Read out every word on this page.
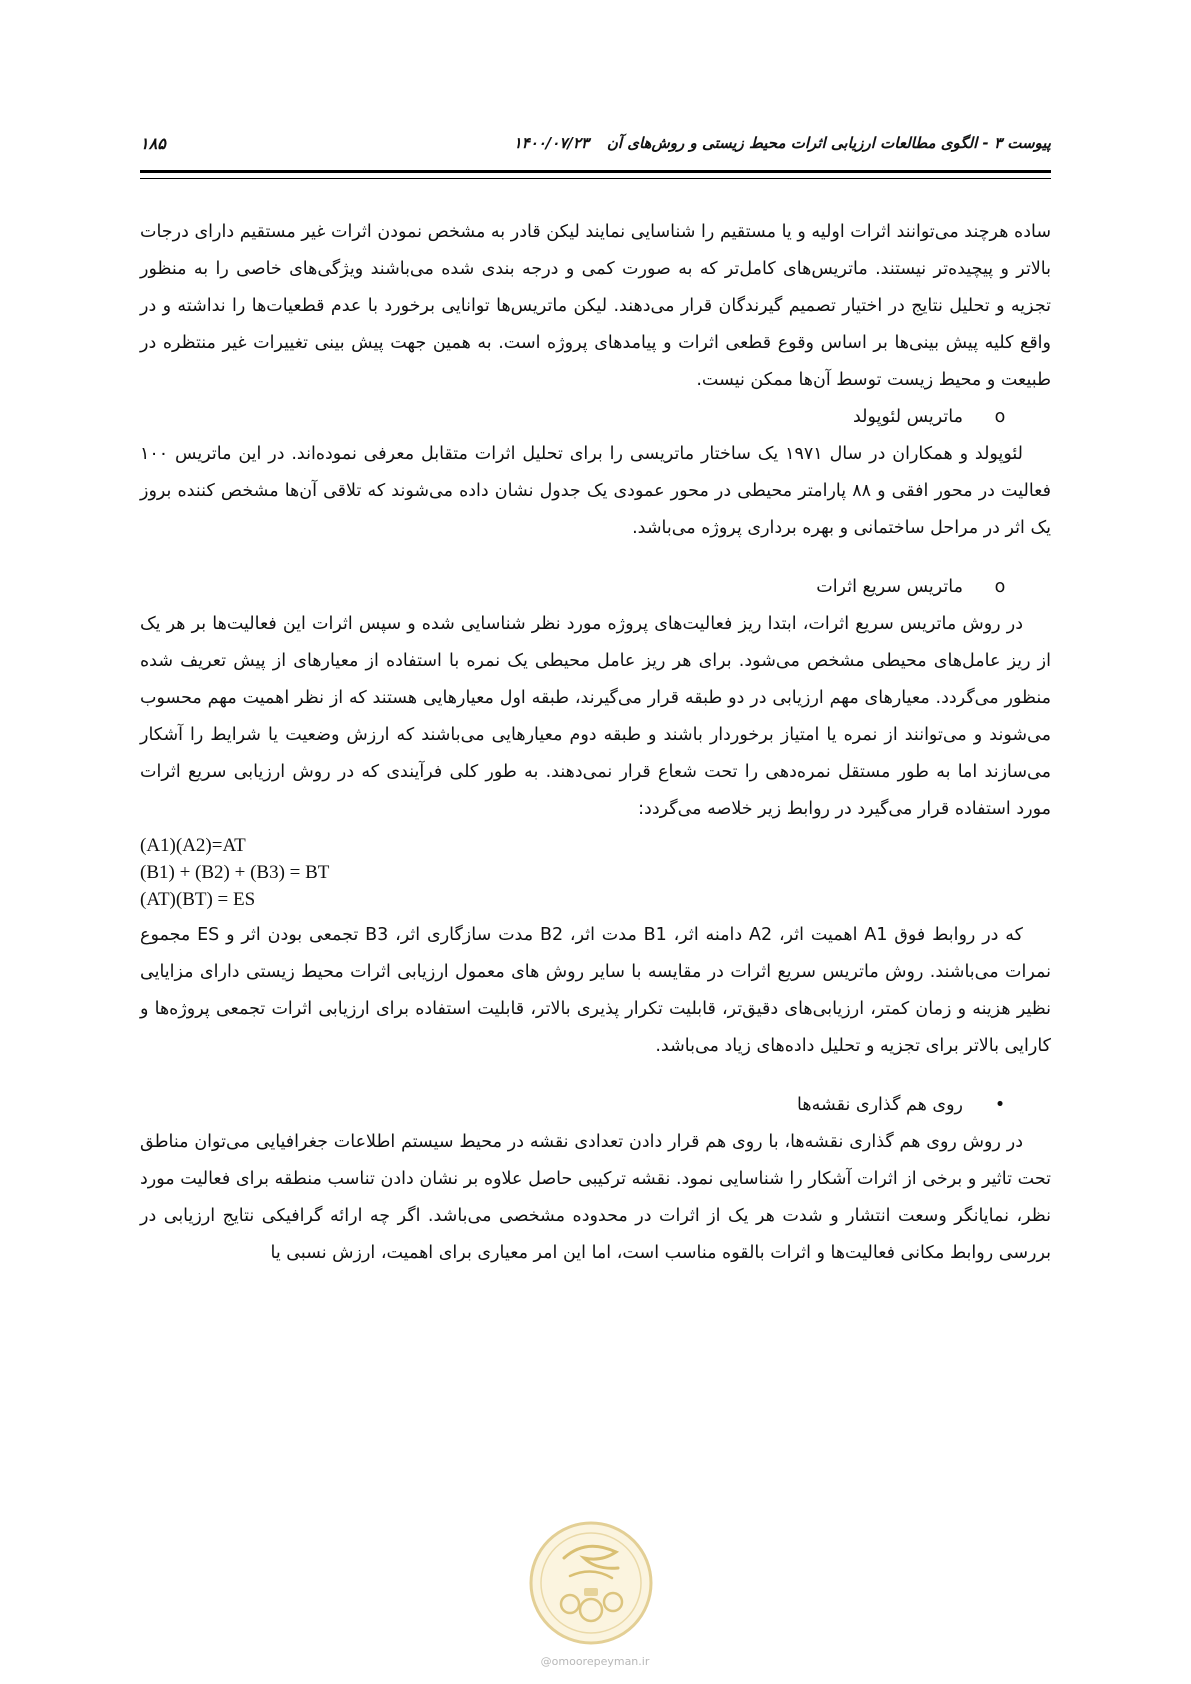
پیوست ۳ - الگوی مطالعات ارزیابی اثرات محیط زیستی و روش‌های آن
۱۴۰۰/۰۷/۲۳
۱۸۵

ساده هرچند می‌توانند اثرات اولیه و یا مستقیم را شناسایی نمایند لیکن قادر به مشخص نمودن اثرات غیر مستقیم دارای درجات بالاتر و پیچیده‌تر نیستند. ماتریس‌های کامل‌تر که به صورت کمی و درجه بندی شده می‌باشند ویژگی‌های خاصی را به منظور تجزیه و تحلیل نتایج در اختیار تصمیم گیرندگان قرار می‌دهند. لیکن ماتریس‌ها توانایی برخورد با عدم قطعیات‌ها را نداشته و در واقع کلیه پیش بینی‌ها بر اساس وقوع قطعی اثرات و پیامدهای پروژه است. به همین جهت پیش بینی تغییرات غیر منتظره در طبیعت و محیط زیست توسط آن‌ها ممکن نیست.

oماتریس لئوپولد

لئوپولد و همکاران در سال ۱۹۷۱ یک ساختار ماتریسی را برای تحلیل اثرات متقابل معرفی نموده‌اند. در این ماتریس ۱۰۰ فعالیت در محور افقی و ۸۸ پارامتر محیطی در محور عمودی یک جدول نشان داده می‌شوند که تلاقی آن‌ها مشخص کننده بروز یک اثر در مراحل ساختمانی و بهره برداری پروژه می‌باشد.

oماتریس سریع اثرات

در روش ماتریس سریع اثرات، ابتدا ریز فعالیت‌های پروژه مورد نظر شناسایی شده و سپس اثرات این فعالیت‌ها بر هر یک از ریز عامل‌های محیطی مشخص می‌شود. برای هر ریز عامل محیطی یک نمره با استفاده از معیارهای از پیش تعریف شده منظور می‌گردد. معیارهای مهم ارزیابی در دو طبقه قرار می‌گیرند، طبقه اول معیارهایی هستند که از نظر اهمیت مهم محسوب می‌شوند و می‌توانند از نمره یا امتیاز برخوردار باشند و طبقه دوم معیارهایی می‌باشند که ارزش وضعیت یا شرایط را آشکار می‌سازند اما به طور مستقل نمره‌دهی را تحت شعاع قرار نمی‌دهند. به طور کلی فرآیندی که در روش ارزیابی سریع اثرات مورد استفاده قرار می‌گیرد در روابط زیر خلاصه می‌گردد:

(A1)(A2)=AT
(B1) + (B2) + (B3) = BT
(AT)(BT) = ES

که در روابط فوق A1 اهمیت اثر، A2 دامنه اثر، B1 مدت اثر، B2 مدت سازگاری اثر، B3 تجمعی بودن اثر و ES مجموع نمرات می‌باشند. روش ماتریس سریع اثرات در مقایسه با سایر روش های معمول ارزیابی اثرات محیط زیستی دارای مزایایی نظیر هزینه و زمان کمتر، ارزیابی‌های دقیق‌تر، قابلیت تکرار پذیری بالاتر، قابلیت استفاده برای ارزیابی اثرات تجمعی پروژه‌ها و کارایی بالاتر برای تجزیه و تحلیل داده‌های زیاد می‌باشد.

•روی هم گذاری نقشه‌ها

در روش روی هم گذاری نقشه‌ها، با روی هم قرار دادن تعدادی نقشه در محیط سیستم اطلاعات جغرافیایی می‌توان مناطق تحت تاثیر و برخی از اثرات آشکار را شناسایی نمود. نقشه ترکیبی حاصل علاوه بر نشان دادن تناسب منطقه برای فعالیت مورد نظر، نمایانگر وسعت انتشار و شدت هر یک از اثرات در محدوده مشخصی می‌باشد. اگر چه ارائه گرافیکی نتایج ارزیابی در بررسی روابط مکانی فعالیت‌ها و اثرات بالقوه مناسب است، اما این امر معیاری برای اهمیت، ارزش نسبی یا

@omoorepeyman.ir
